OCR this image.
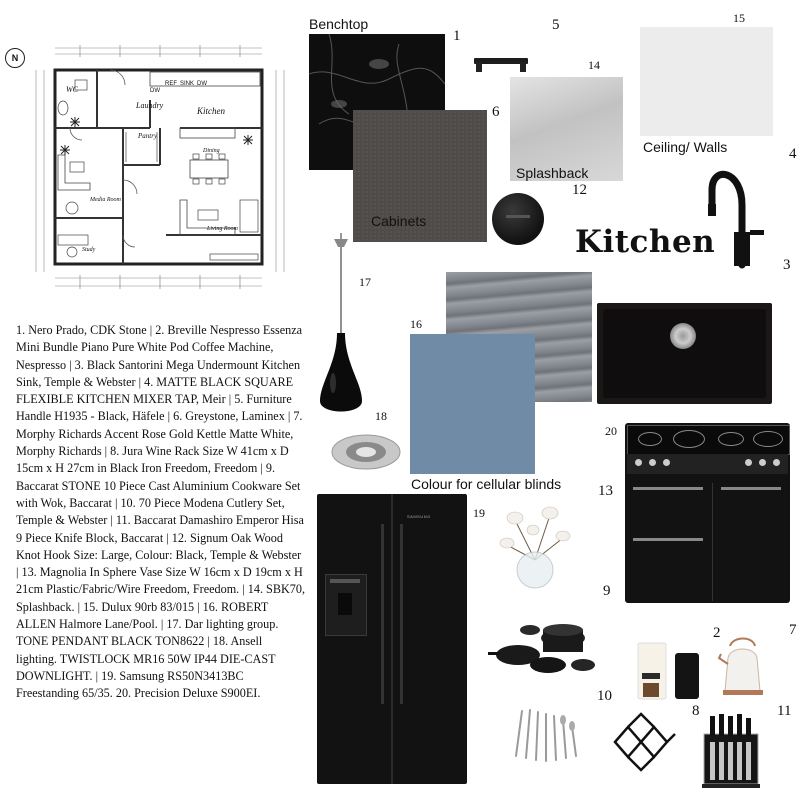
WC
Laundry
Kitchen
Pantry
Dining
Media Room
Living Room
Study
REF
DW
SINK DW
N
1. Nero Prado, CDK Stone | 2. Breville Nespresso Essenza Mini Bundle Piano Pure White Pod Coffee Machine, Nespresso | 3. Black Santorini Mega Undermount Kitchen Sink, Temple & Webster | 4. MATTE BLACK SQUARE FLEXIBLE KITCHEN MIXER TAP, Meir | 5. Furniture Handle H1935 - Black, Häfele | 6. Greystone, Laminex | 7. Morphy Richards Accent Rose Gold Kettle Matte White, Morphy Richards | 8. Jura Wine Rack Size W 41cm x D 15cm x H 27cm in Black Iron Freedom, Freedom | 9. Baccarat STONE 10 Piece Cast Aluminium Cookware Set with Wok, Baccarat | 10. 70 Piece Modena Cutlery Set, Temple & Webster | 11. Baccarat Damashiro Emperor Hisa 9 Piece Knife Block, Baccarat | 12. Signum Oak Wood Knot Hook Size: Large, Colour: Black, Temple & Webster | 13. Magnolia In Sphere Vase Size W 16cm x D 19cm x H 21cm Plastic/Fabric/Wire Freedom, Freedom. | 14. SBK70, Splashback. | 15. Dulux 90rb 83/015 | 16. ROBERT ALLEN Halmore Lane/Pool. | 17. Dar lighting group. TONE PENDANT BLACK TON8622 | 18. Ansell lighting. TWISTLOCK MR16 50W IP44 DIE-CAST DOWNLIGHT. | 19. Samsung RS50N3413BC Freestanding 65/35. 20. Precision Deluxe S900EI.
Benchtop
1
Cabinets
6
5
Splashback
14
Ceiling/ Walls
15
12
4
3
Kitchen
17
16
Colour for cellular blinds
18
20
13
9
SAMSUNG	19
10
2	7
8	11
